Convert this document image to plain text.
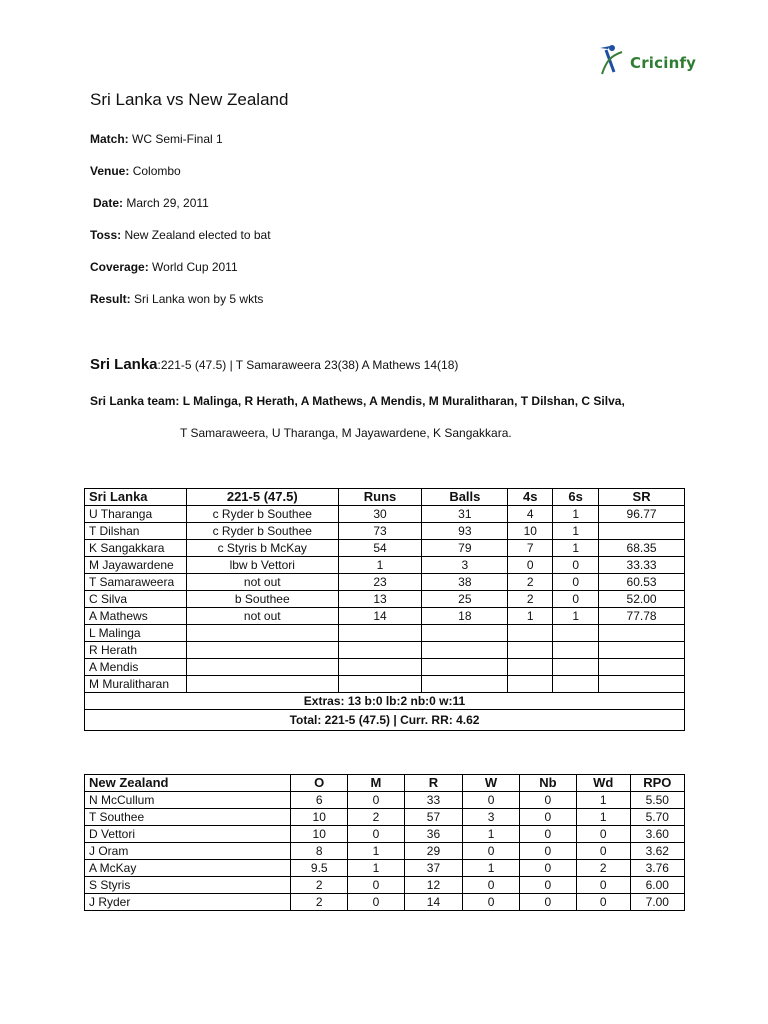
Cricinfy
Sri Lanka vs New Zealand
Match: WC Semi-Final 1
Venue: Colombo
Date: March 29, 2011
Toss: New Zealand elected to bat
Coverage: World Cup 2011
Result: Sri Lanka won by 5 wkts
Sri Lanka:221-5 (47.5) | T Samaraweera 23(38) A Mathews 14(18)
Sri Lanka team: L Malinga, R Herath, A Mathews, A Mendis, M Muralitharan, T Dilshan, C Silva,
T Samaraweera, U Tharanga, M Jayawardene, K Sangakkara.
Sri Lanka	221-5 (47.5)	Runs	Balls	4s	6s	SR
U Tharanga	c Ryder b Southee	30	31	4	1	96.77
T Dilshan	c Ryder b Southee	73	93	10	1	
K Sangakkara	c Styris b McKay	54	79	7	1	68.35
M Jayawardene	lbw b Vettori	1	3	0	0	33.33
T Samaraweera	not out	23	38	2	0	60.53
C Silva	b Southee	13	25	2	0	52.00
A Mathews	not out	14	18	1	1	77.78
L Malinga						
R Herath						
A Mendis						
M Muralitharan						
Extras: 13 b:0 lb:2 nb:0 w:11						
Total: 221-5 (47.5) | Curr. RR: 4.62						
New Zealand	O	M	R	W	Nb	Wd	RPO
N McCullum	6	0	33	0	0	1	5.50
T Southee	10	2	57	3	0	1	5.70
D Vettori	10	0	36	1	0	0	3.60
J Oram	8	1	29	0	0	0	3.62
A McKay	9.5	1	37	1	0	2	3.76
S Styris	2	0	12	0	0	0	6.00
J Ryder	2	0	14	0	0	0	7.00
